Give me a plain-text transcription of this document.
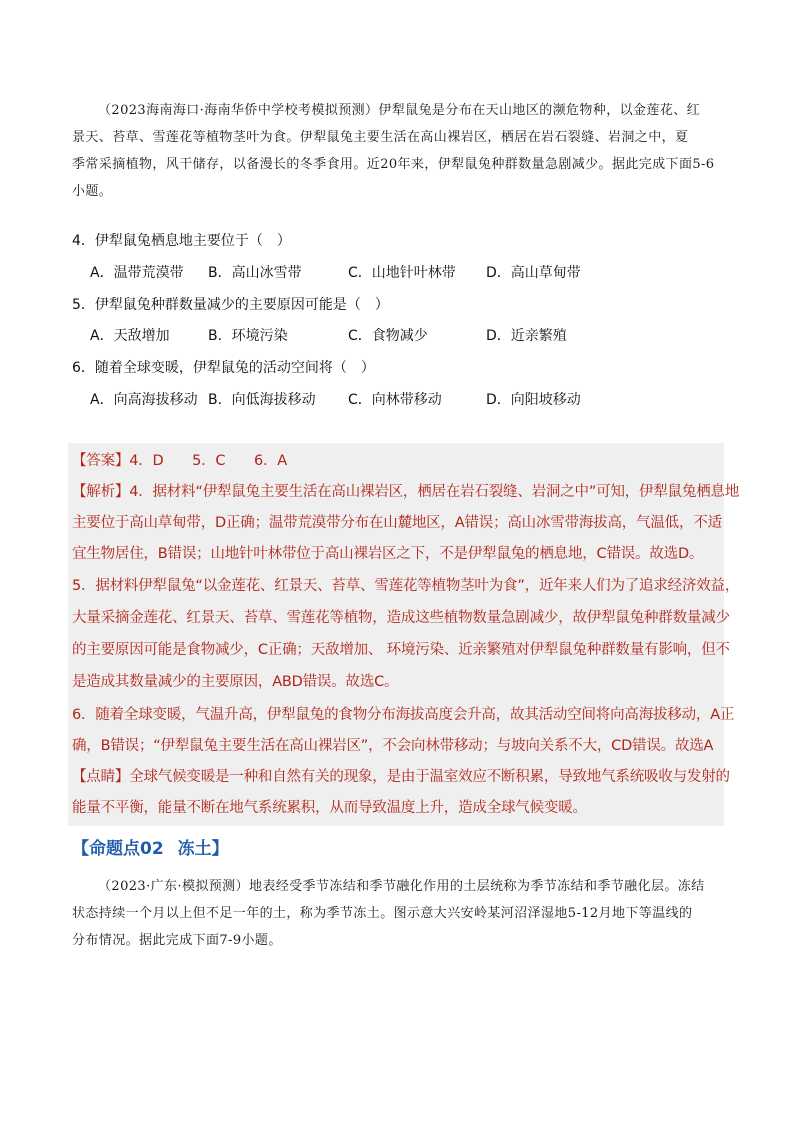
（2023海南海口·海南华侨中学校考模拟预测）伊犁鼠兔是分布在天山地区的濒危物种，以金莲花、红
景天、苔草、雪莲花等植物茎叶为食。伊犁鼠兔主要生活在高山裸岩区，栖居在岩石裂缝、岩洞之中，夏
季常采摘植物，风干储存，以备漫长的冬季食用。近20年来，伊犁鼠兔种群数量急剧减少。据此完成下面5-6
小题。
4．伊犁鼠兔栖息地主要位于（　）
A．温带荒漠带 B．高山冰雪带	C．山地针叶林带 D．高山草甸带
5．伊犁鼠兔种群数量减少的主要原因可能是（　）
A．天敌增加	B．环境污染	C．食物减少	D．近亲繁殖
6．随着全球变暖，伊犁鼠兔的活动空间将（　）
A．向高海拔移动 B．向低海拔移动 C．向林带移动	D．向阳坡移动
【答案】4．D　　5．C　　6．A
【解析】4．据材料“伊犁鼠兔主要生活在高山裸岩区，栖居在岩石裂缝、岩洞之中”可知，伊犁鼠兔栖息地
主要位于高山草甸带，D正确；温带荒漠带分布在山麓地区，A错误；高山冰雪带海拔高，气温低，不适
宜生物居住，B错误；山地针叶林带位于高山裸岩区之下，不是伊犁鼠兔的栖息地，C错误。故选D。
5．据材料伊犁鼠兔“以金莲花、红景天、苔草、雪莲花等植物茎叶为食”，近年来人们为了追求经济效益，
大量采摘金莲花、红景天、苔草、雪莲花等植物，造成这些植物数量急剧减少，故伊犁鼠兔种群数量减少
的主要原因可能是食物减少，C正确；天敌增加、 环境污染、近亲繁殖对伊犁鼠兔种群数量有影响，但不
是造成其数量减少的主要原因，ABD错误。故选C。
6．随着全球变暖，气温升高，伊犁鼠兔的食物分布海拔高度会升高，故其活动空间将向高海拔移动，A正
确，B错误；“伊犁鼠兔主要生活在高山裸岩区”，不会向林带移动；与坡向关系不大，CD错误。故选A
【点睛】全球气候变暖是一种和自然有关的现象，是由于温室效应不断积累，导致地气系统吸收与发射的
能量不平衡，能量不断在地气系统累积，从而导致温度上升，造成全球气候变暖。
【命题点02 冻土】
（2023·广东·模拟预测）地表经受季节冻结和季节融化作用的土层统称为季节冻结和季节融化层。冻结
状态持续一个月以上但不足一年的土，称为季节冻土。图示意大兴安岭某河沼泽湿地5-12月地下等温线的
分布情况。据此完成下面7-9小题。
